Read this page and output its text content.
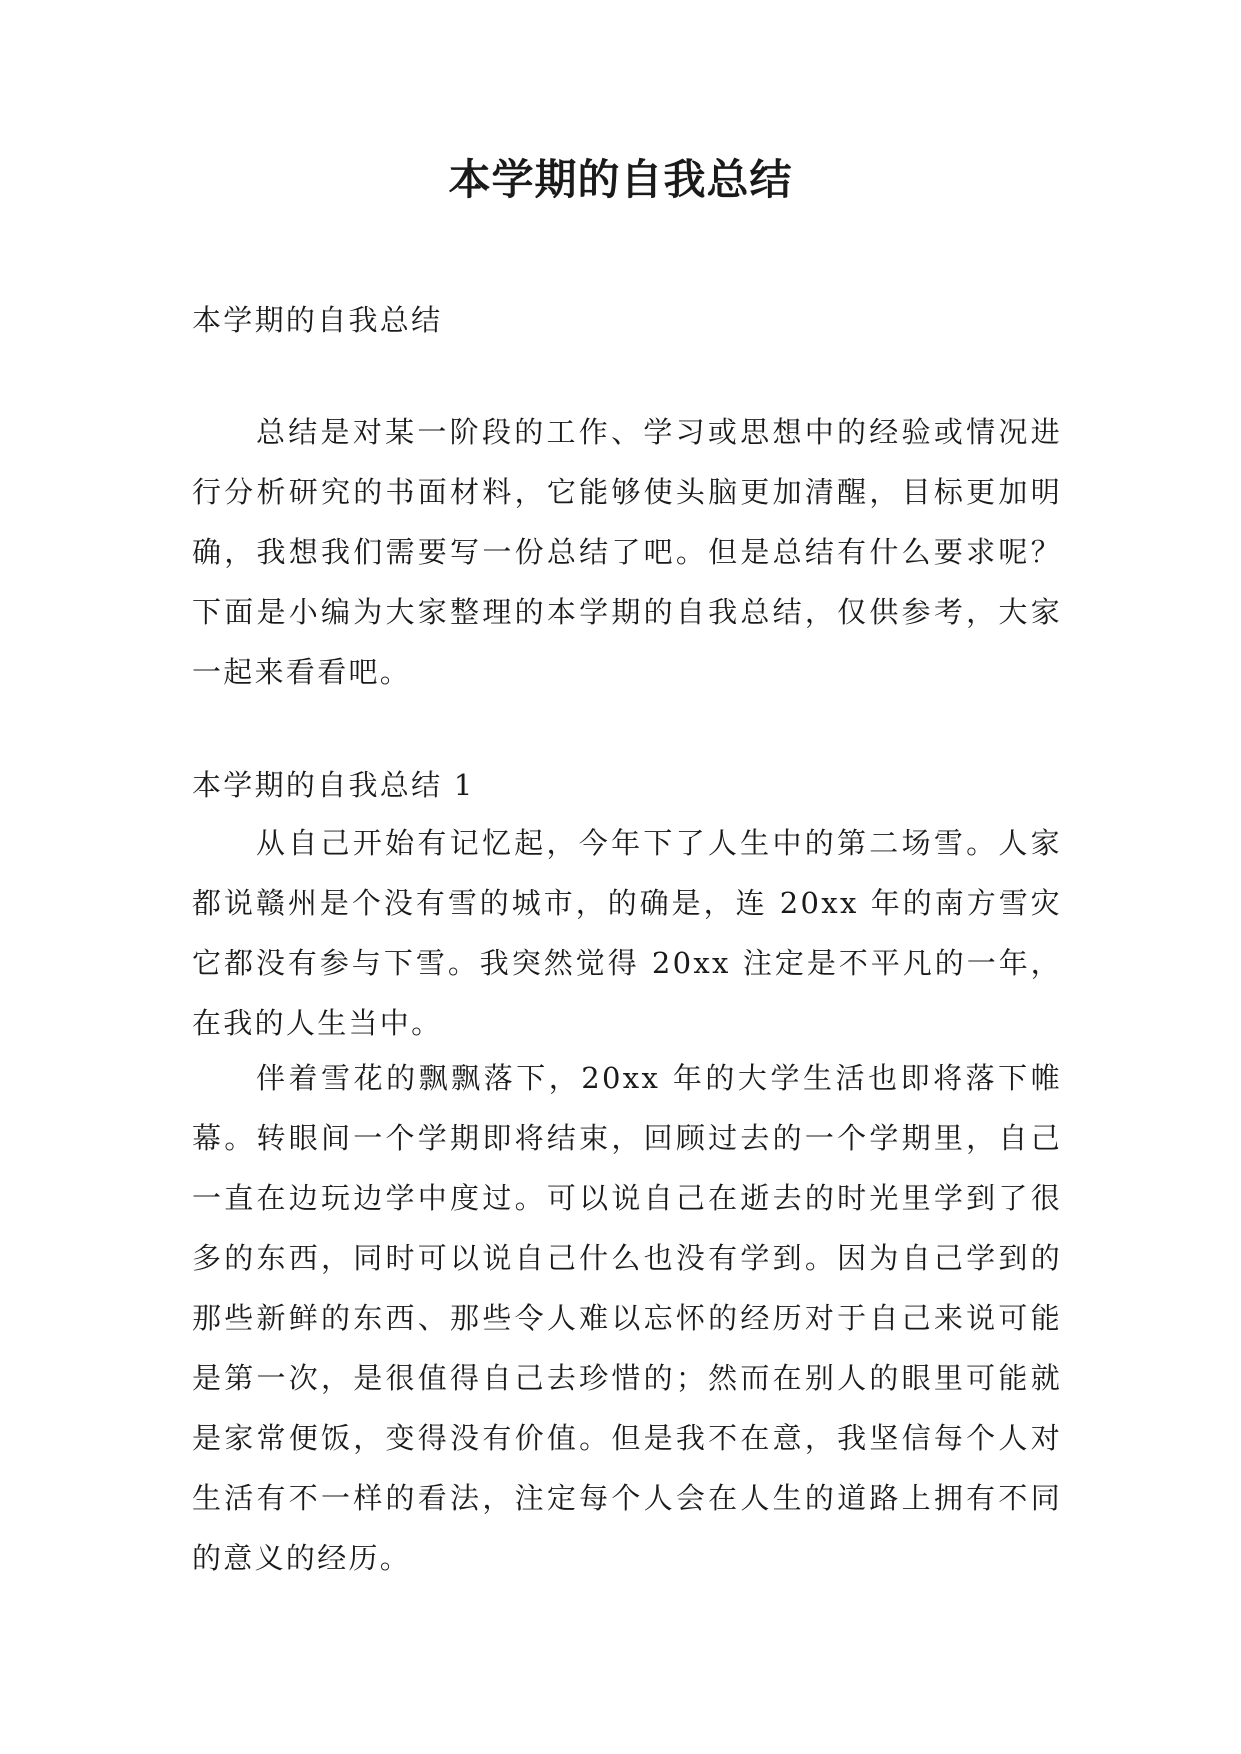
本学期的自我总结

本学期的自我总结

总结是对某一阶段的工作、学习或思想中的经验或情况进行分析研究的书面材料，它能够使头脑更加清醒，目标更加明确，我想我们需要写一份总结了吧。但是总结有什么要求呢？下面是小编为大家整理的本学期的自我总结，仅供参考，大家一起来看看吧。

本学期的自我总结 1

从自己开始有记忆起，今年下了人生中的第二场雪。人家都说赣州是个没有雪的城市，的确是，连 20xx 年的南方雪灾它都没有参与下雪。我突然觉得 20xx 注定是不平凡的一年，在我的人生当中。

伴着雪花的飘飘落下，20xx 年的大学生活也即将落下帷幕。转眼间一个学期即将结束，回顾过去的一个学期里，自己一直在边玩边学中度过。可以说自己在逝去的时光里学到了很多的东西，同时可以说自己什么也没有学到。因为自己学到的那些新鲜的东西、那些令人难以忘怀的经历对于自己来说可能是第一次，是很值得自己去珍惜的；然而在别人的眼里可能就是家常便饭，变得没有价值。但是我不在意，我坚信每个人对生活有不一样的看法，注定每个人会在人生的道路上拥有不同的意义的经历。
